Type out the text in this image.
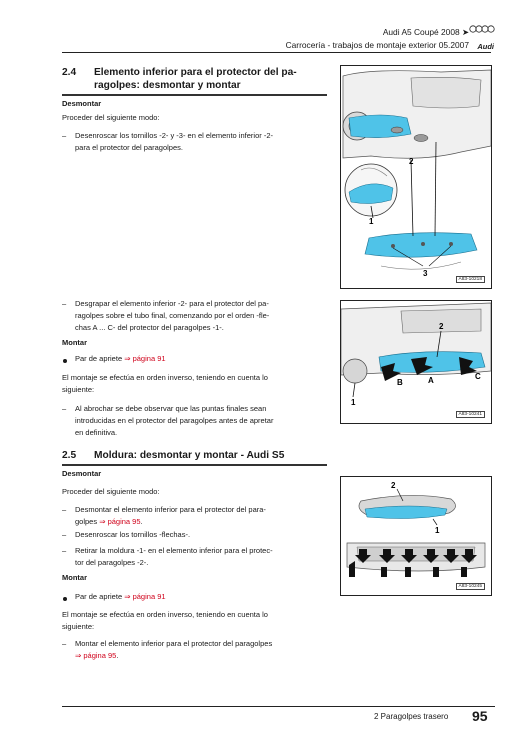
Audi A5 Coupé 2008 ➤
Carrocería - trabajos de montaje exterior 05.2007 Audi
2.4 Elemento inferior para el protector del pa-
ragolpes: desmontar y montar
Desmontar
Proceder del siguiente modo:
– Desenroscar los tornillos -2- y -3- en el elemento inferior -2-
para el protector del paragolpes.
– Desgrapar el elemento inferior -2- para el protector del pa-
ragolpes sobre el tubo final, comenzando por el orden -fle-
chas A ... C- del protector del paragolpes -1-.
Montar
Par de apriete ⇒ página 91
El montaje se efectúa en orden inverso, teniendo en cuenta lo
siguiente:
– Al abrochar se debe observar que las puntas finales sean
introducidas en el protector del paragolpes antes de apretar
en definitiva.
2.5 Moldura: desmontar y montar - Audi S5
Desmontar
Proceder del siguiente modo:
– Desmontar el elemento inferior para el protector del para-
golpes ⇒ página 95.
– Desenroscar los tornillos -flechas-.
– Retirar la moldura -1- en el elemento inferior para el protec-
tor del paragolpes -2-.
Montar
Par de apriete ⇒ página 91
El montaje se efectúa en orden inverso, teniendo en cuenta lo
siguiente:
– Montar el elemento inferior para el protector del paragolpes
⇒ página 95.
2
1
3
A83-10218
2
A
B
C
1
A83-10241
2
1
A83-10245
2 Paragolpes trasero 95
